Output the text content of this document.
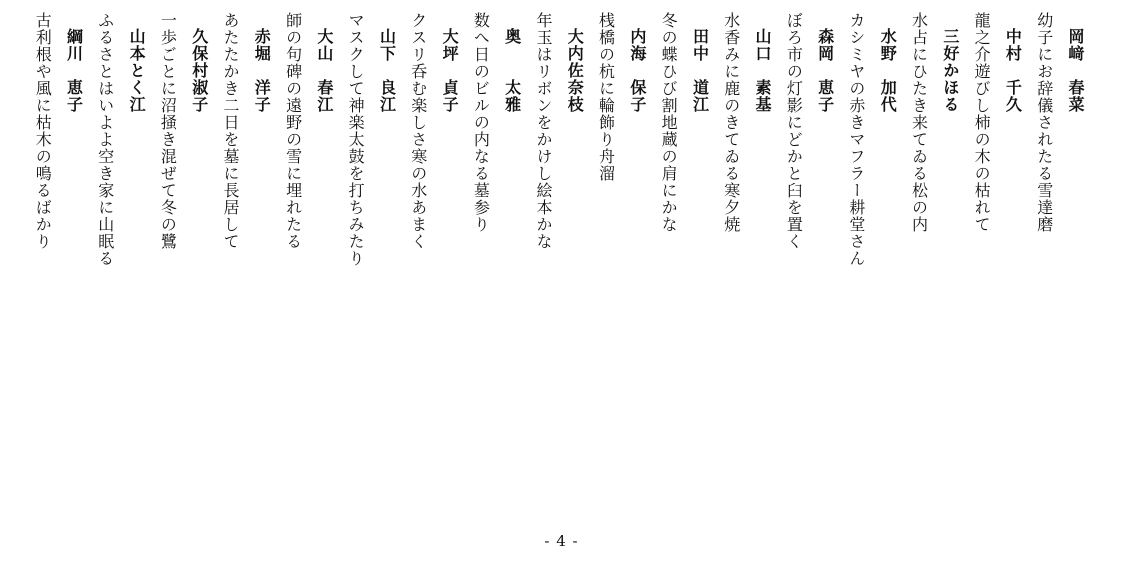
岡﨑　春菜
幼子にお辞儀されたる雪達磨
中村　千久
龍之介遊びし柿の木の枯れて
三好かほる
水占にひたき来てゐる松の内
水野　加代
カシミヤの赤きマフラー耕堂さん
森岡　恵子
ぼろ市の灯影にどかと臼を置く
山口　素基
水香みに鹿のきてゐる寒夕焼
田中　道江
冬の蝶ひび割地蔵の肩にかな
内海　保子
桟橋の杭に輪飾り舟溜
大内佐奈枝
年玉はリボンをかけし絵本かな
奥　　太雅
数へ日のビルの内なる墓参り
大坪　貞子
クスリ呑む楽しさ寒の水あまく
山下　良江
マスクして神楽太鼓を打ちみたり
大山　春江
師の句碑の遠野の雪に埋れたる
赤堀　洋子
あたたかき二日を墓に長居して
久保村淑子
一歩ごとに沼掻き混ぜて冬の鷺
山本とく江
ふるさとはいよよ空き家に山眠る
綱川　恵子
古利根や風に枯木の鳴るばかり
- 4 -
